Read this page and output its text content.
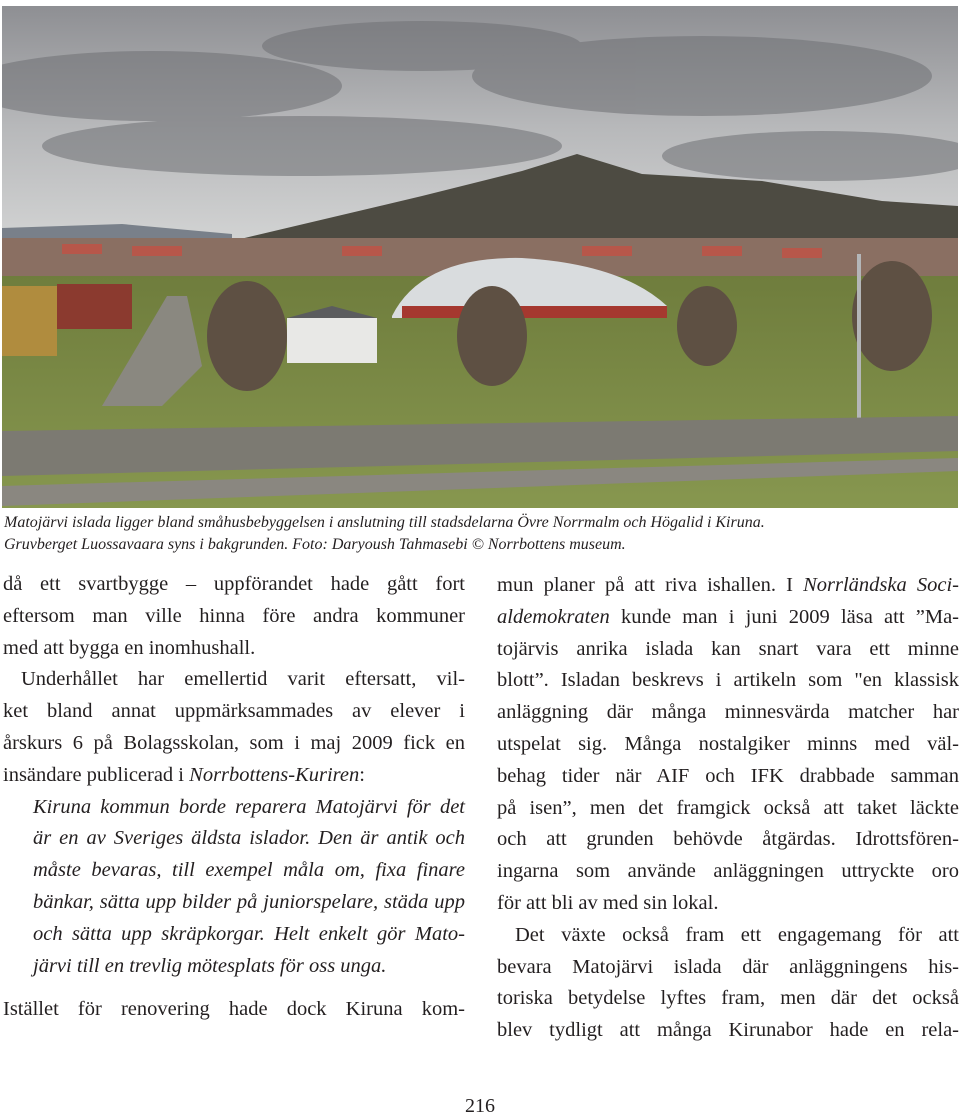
Matojärvi islada ligger bland småhusbebyggelsen i anslutning till stadsdelarna Övre Norrmalm och Högalid i Kiruna.

Gruvberget Luossavaara syns i bakgrunden. Foto: Daryoush Tahmasebi © Norrbottens museum.

då ett svartbygge – uppförandet hade gått fort
eftersom man ville hinna före andra kommuner
med att bygga en inomhushall.
Underhållet har emellertid varit eftersatt, vil-
ket bland annat uppmärksammades av elever i
årskurs 6 på Bolagsskolan, som i maj 2009 fick en
insändare publicerad i Norrbottens-Kuriren:
Kiruna kommun borde reparera Matojärvi för det
är en av Sveriges äldsta islador. Den är antik och
måste bevaras, till exempel måla om, fixa finare
bänkar, sätta upp bilder på juniorspelare, städa upp
och sätta upp skräpkorgar. Helt enkelt gör Mato-
järvi till en trevlig mötesplats för oss unga.
Istället för renovering hade dock Kiruna kom-
mun planer på att riva ishallen. I Norrländska Soci-
aldemokraten kunde man i juni 2009 läsa att ”Ma-
tojärvis anrika islada kan snart vara ett minne
blott”. Isladan beskrevs i artikeln som "en klassisk
anläggning där många minnesvärda matcher har
utspelat sig. Många nostalgiker minns med väl-
behag tider när AIF och IFK drabbade samman
på isen”, men det framgick också att taket läckte
och att grunden behövde åtgärdas. Idrottsfören-
ingarna som använde anläggningen uttryckte oro
för att bli av med sin lokal.
Det växte också fram ett engagemang för att
bevara Matojärvi islada där anläggningens his-
toriska betydelse lyftes fram, men där det också
blev tydligt att många Kirunabor hade en rela-
216
